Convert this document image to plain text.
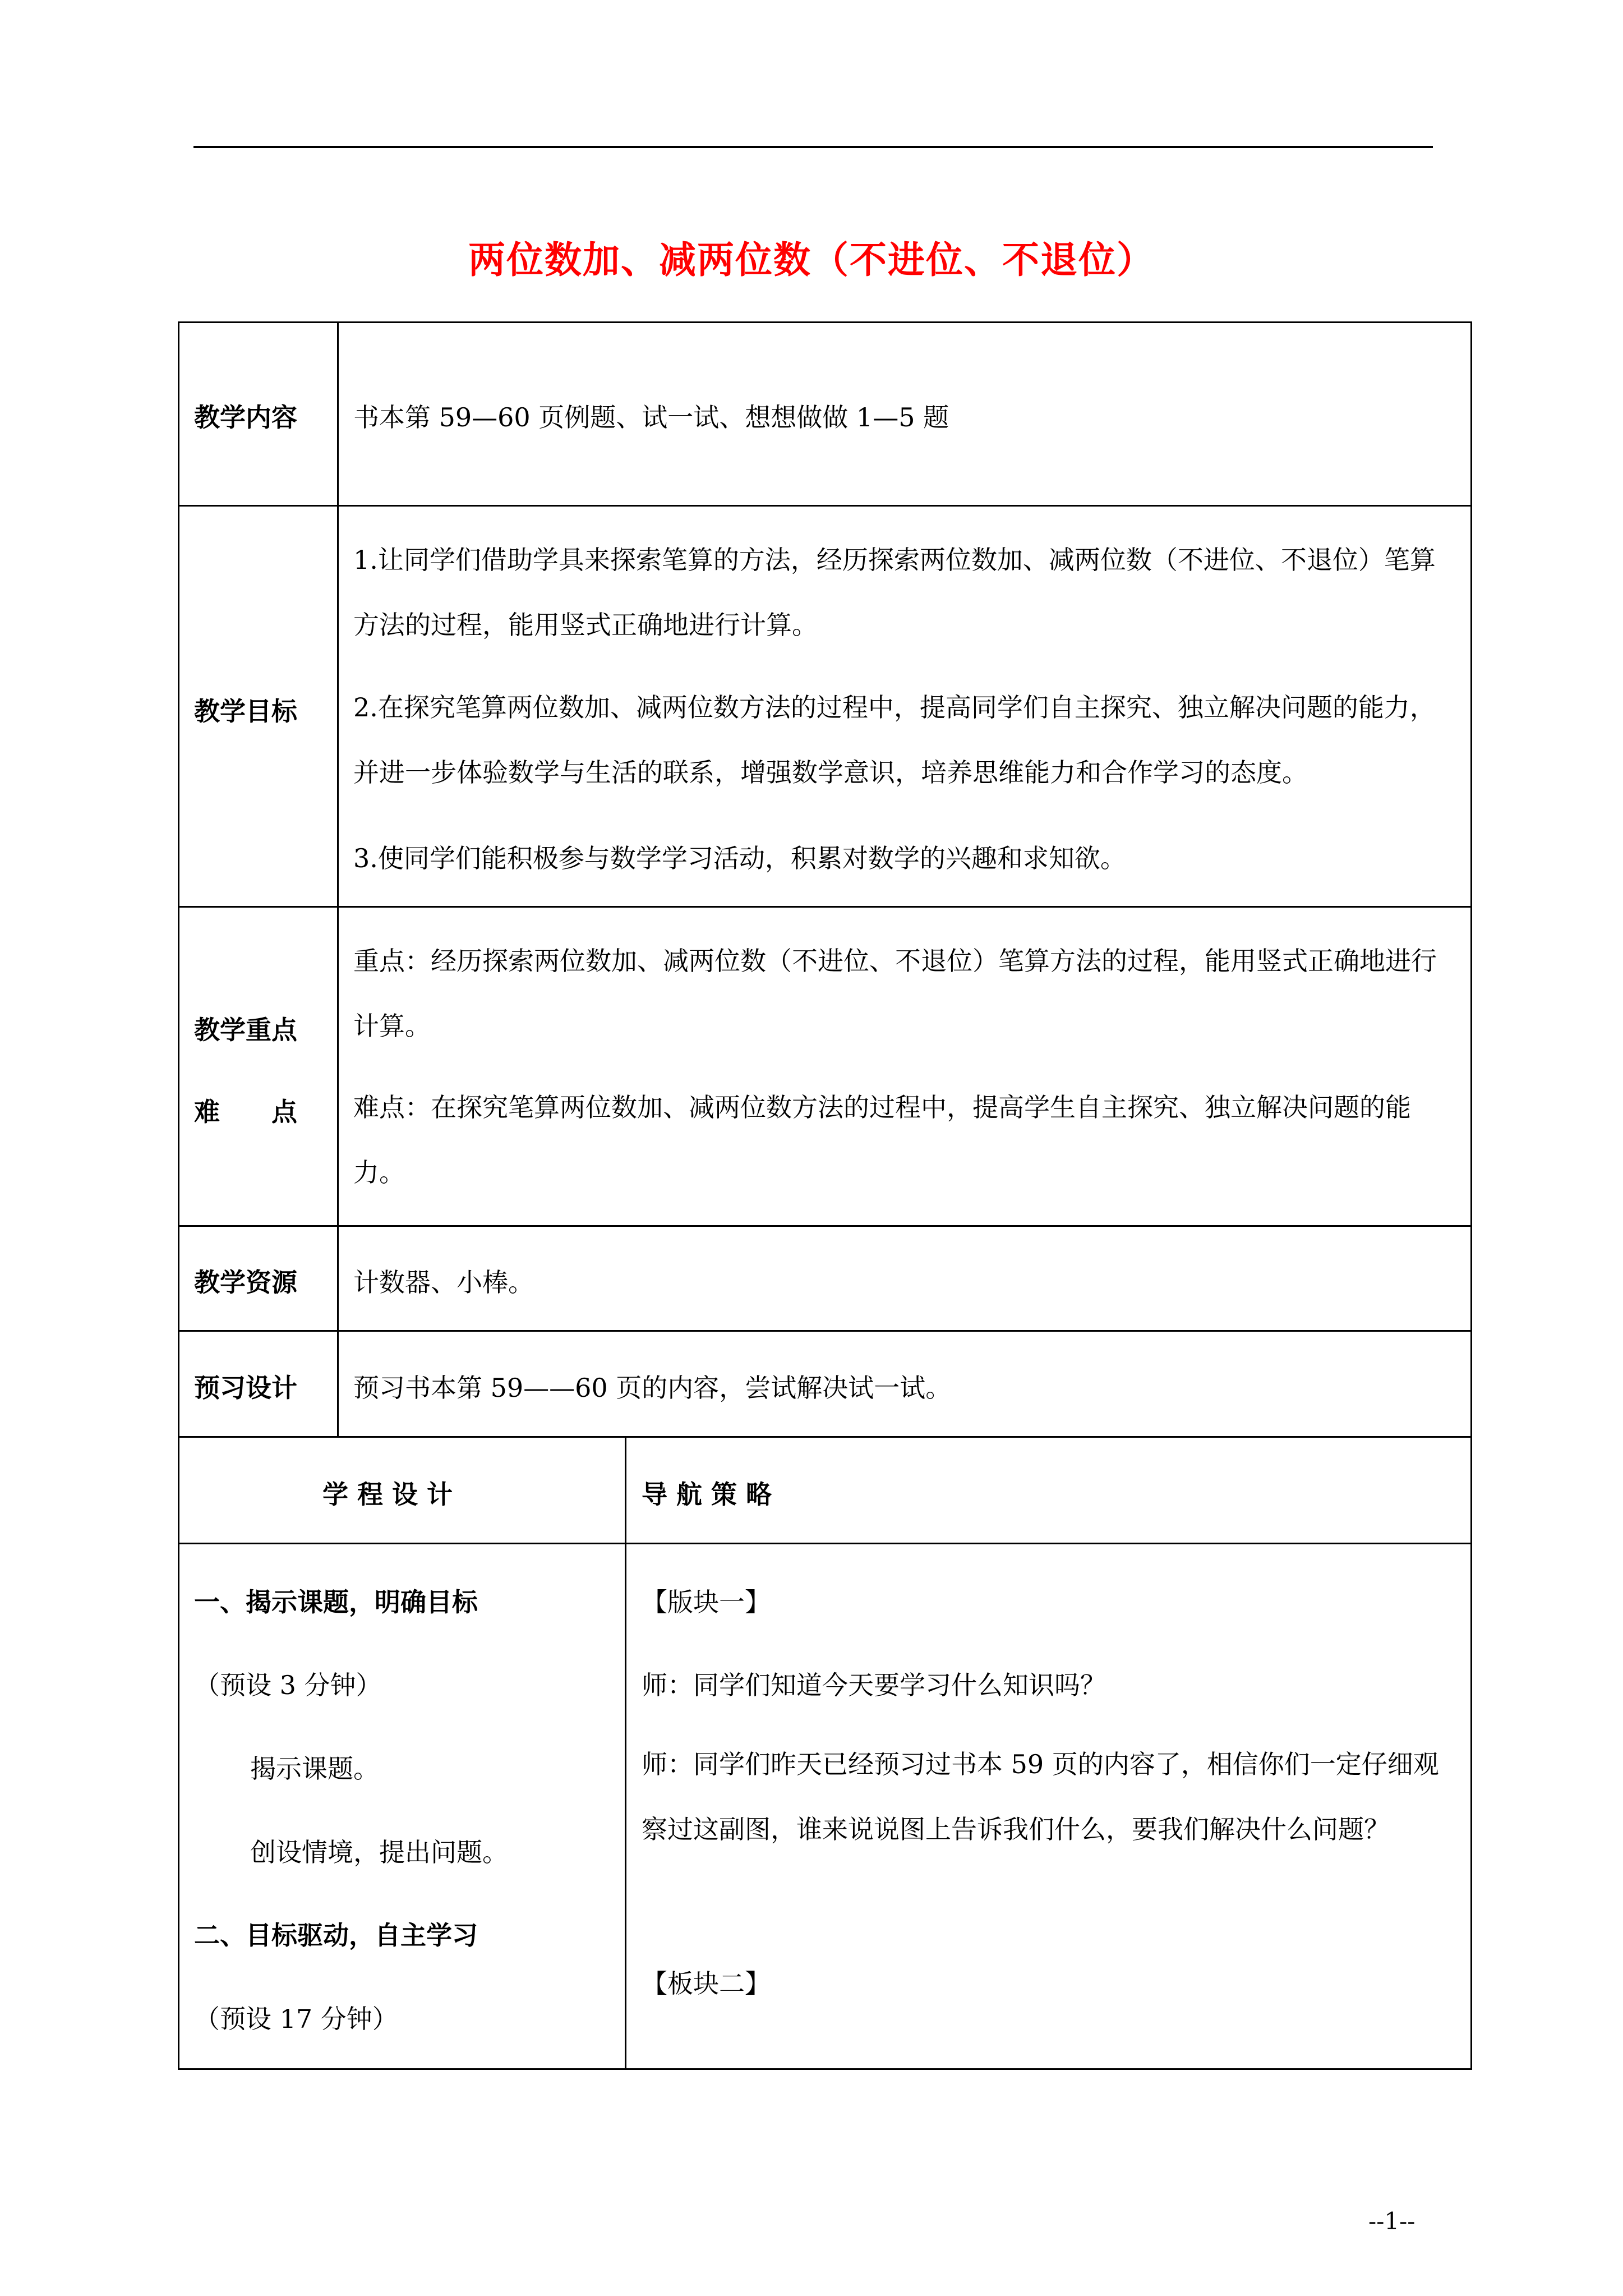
两位数加、减两位数（不进位、不退位）
教学内容 书本第 59—60 页例题、试一试、想想做做 1—5 题
教学目标
1.让同学们借助学具来探索笔算的方法，经历探索两位数加、减两位数（不进位、不退位）笔算方法的过程，能用竖式正确地进行计算。
2.在探究笔算两位数加、减两位数方法的过程中，提高同学们自主探究、独立解决问题的能力，并进一步体验数学与生活的联系，增强数学意识，培养思维能力和合作学习的态度。
3.使同学们能积极参与数学学习活动，积累对数学的兴趣和求知欲。
教学重点
难　　点
重点：经历探索两位数加、减两位数（不进位、不退位）笔算方法的过程，能用竖式正确地进行计算。
难点：在探究笔算两位数加、减两位数方法的过程中，提高学生自主探究、独立解决问题的能力。
教学资源 计数器、小棒。
预习设计 预习书本第 59——60 页的内容，尝试解决试一试。
学 程 设 计	导 航 策 略
一、揭示课题，明确目标
（预设 3 分钟）
揭示课题。
创设情境，提出问题。
二、目标驱动，自主学习
（预设 17 分钟）
【版块一】
师：同学们知道今天要学习什么知识吗？
师：同学们昨天已经预习过书本 59 页的内容了，相信你们一定仔细观察过这副图，谁来说说图上告诉我们什么，要我们解决什么问题？
【板块二】
--1--
